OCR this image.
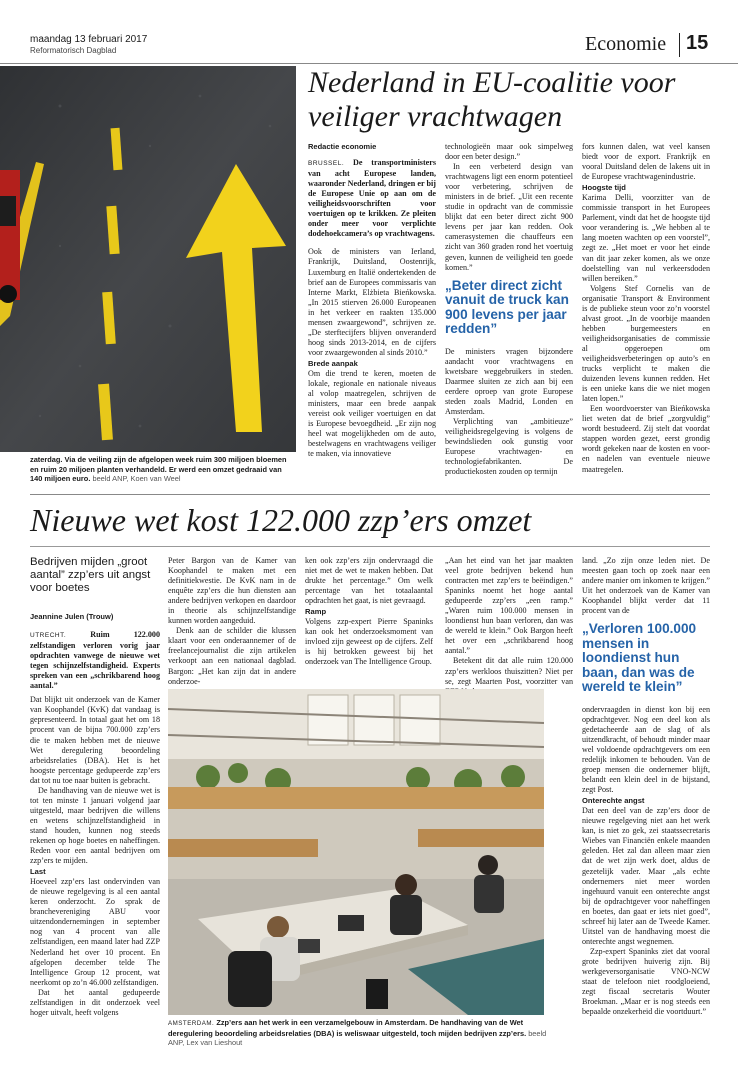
maandag 13 februari 2017
Reformatorisch Dagblad	Economie 15
zaterdag. Via de veiling zijn de afgelopen week ruim 300 miljoen bloemen en ruim 20 miljoen planten verhandeld. Er werd een omzet gedraaid van 140 miljoen euro. beeld ANP, Koen van Weel
Nederland in EU-coalitie voor veiliger vrachtwagen
Redactie economie

BRUSSEL. De transportministers van acht Europese landen, waaronder Nederland, dringen er bij de Europese Unie op aan om de veiligheidsvoorschriften voor voertuigen op te krikken. Ze pleiten onder meer voor verplichte dodehoekcamera’s op vrachtwagens.

Ook de ministers van Ierland, Frankrijk, Duitsland, Oostenrijk, Luxemburg en Italië ondertekenden de brief aan de Europees commissaris van Interne Markt, Elżbieta Bieńkowska. „In 2015 stierven 26.000 Europeanen in het verkeer en raakten 135.000 mensen zwaargewond”, schrijven ze. „De sterftecijfers blijven onveranderd hoog sinds 2013-2014, en de cijfers voor zwaargewonden al sinds 2010.”

Brede aanpak

Om die trend te keren, moeten de lokale, regionale en nationale niveaus al volop maatregelen, schrijven de ministers, maar een brede aanpak vereist ook veiliger voertuigen en dat is Europese bevoegdheid. „Er zijn nog heel wat mogelijkheden om de auto, bestelwagens en vrachtwagens veiliger te maken, via innovatieve

technologieën maar ook simpelweg door een beter design.”

In een verbeterd design van vrachtwagens ligt een enorm potentieel voor verbetering, schrijven de ministers in de brief. „Uit een recente studie in opdracht van de commissie blijkt dat een beter direct zicht 900 levens per jaar kan redden. Ook camerasystemen die chauffeurs een zicht van 360 graden rond het voertuig geven, kunnen de veiligheid ten goede komen.”

„Beter direct zicht vanuit de truck kan 900 levens per jaar redden”

De ministers vragen bijzondere aandacht voor vrachtwagens en kwetsbare weggebruikers in steden. Daarmee sluiten ze zich aan bij een eerdere oproep van grote Europese steden zoals Madrid, Londen en Amsterdam.

Verplichting van „ambitieuze” veiligheidsregelgeving is volgens de bewindslieden ook gunstig voor Europese vrachtwagen- en technologiefabrikanten. De productiekosten zouden op termijn

fors kunnen dalen, wat veel kansen biedt voor de export. Frankrijk en vooral Duitsland delen de lakens uit in de Europese vrachtwagenindustrie.

Hoogste tijd

Karima Delli, voorzitter van de commissie transport in het Europees Parlement, vindt dat het de hoogste tijd voor verandering is. „We hebben al te lang moeten wachten op een voorstel”, zegt ze. „Het moet er voor het einde van dit jaar zeker komen, als we onze doelstelling van nul verkeersdoden willen bereiken.”

Volgens Stef Cornelis van de organisatie Transport & Environment is de publieke steun voor zo’n voorstel alvast groot. „In de voorbije maanden hebben burgemeesters en veiligheidsorganisaties de commissie al opgeroepen om veiligheidsverbeteringen op auto’s en trucks verplicht te maken die duizenden levens kunnen redden. Het is een unieke kans die we niet mogen laten lopen.”

Een woordvoerster van Bieńkowska liet weten dat de brief „zorgvuldig” wordt bestudeerd. Zij stelt dat voordat stappen worden gezet, eerst grondig wordt gekeken naar de kosten en voor- en nadelen van eventuele nieuwe maatregelen.

Nieuwe wet kost 122.000 zzp’ers omzet
Bedrijven mijden „groot aantal” zzp’ers uit angst voor boetes
Jeannine Julen (Trouw)

UTRECHT.	Ruim 122.000 zelfstandigen verloren vorig jaar opdrachten vanwege de nieuwe wet tegen schijnzelfstandigheid. Experts spreken van een „schrikbarend hoog aantal.”

Dat blijkt uit onderzoek van de Kamer van Koophandel (KvK) dat vandaag is gepresenteerd. In totaal gaat het om 18 procent van de bijna 700.000 zzp’ers die te maken hebben met de nieuwe Wet deregulering beoordeling arbeidsrelaties (DBA). Het is het hoogste percentage gedupeerde zzp’ers dat tot nu toe naar buiten is gebracht.

De handhaving van de nieuwe wet is tot ten minste 1 januari volgend jaar uitgesteld, maar bedrijven die willens en wetens schijnzelfstandigheid in stand houden, kunnen nog steeds rekenen op hoge boetes en naheffingen. Reden voor een aantal bedrijven om zzp’ers te mijden.

Last

Hoeveel zzp’ers last ondervinden van de nieuwe regelgeving is al een aantal keren onderzocht. Zo sprak de branchevereniging ABU voor uitzendondernemingen in september nog van 4 procent van alle zelfstandigen, een maand later had ZZP Nederland het over 10 procent. En afgelopen december telde The Intelligence Group 12 procent, wat neerkomt op zo’n 46.000 zelfstandigen.

Dat het aantal gedupeerde zelfstandigen in dit onderzoek veel hoger uitvalt, heeft volgens

Peter Bargon van de Kamer van Koophandel te maken met een definitiekwestie. De KvK nam in de enquête zzp’ers die hun diensten aan andere bedrijven verkopen en daardoor in theorie als schijnzelfstandige kunnen worden aangeduid.

Denk aan de schilder die klussen klaart voor een onderaannemer of de freelancejournalist die zijn artikelen verkoopt aan een nationaal dagblad. Bargon: „Het kan zijn dat in andere onderzoe-

ken ook zzp’ers zijn ondervraagd die niet met de wet te maken hebben. Dat drukte het percentage.” Om welk percentage van het totaalaantal opdrachten het gaat, is niet gevraagd.

Ramp

Volgens zzp-expert Pierre Spaninks kan ook het onderzoeksmoment van invloed zijn geweest op de cijfers. Zelf is hij betrokken geweest bij het onderzoek van The Intelligence Group.

„Aan het eind van het jaar maakten veel grote bedrijven bekend hun contracten met zzp’ers te beëindigen.” Spaninks noemt het hoge aantal gedupeerde zzp’ers „een ramp.” „Waren ruim 100.000 mensen in loondienst hun baan verloren, dan was de wereld te klein.” Ook Bargon heeft het over een „schrikbarend hoog aantal.”

Betekent dit dat alle ruim 120.000 zzp’ers werkloos thuiszitten? Niet per se, zegt Maarten Post, voorzitter van

land. „Zo zijn onze leden niet. De meesten gaan toch op zoek naar een andere manier om inkomen te krijgen.” Uit het onderzoek van de Kamer van Koophandel blijkt verder dat 11 procent van de

„Verloren 100.000 mensen in loondienst hun baan, dan was de wereld te klein”

ondervraagden in dienst kon bij een opdrachtgever. Nog een deel kon als gedetacheerde aan de slag of als uitzendkracht, of behoudt minder maar wel voldoende opdrachtgevers om een redelijk inkomen te behouden. Van de groep mensen die ondernemer blijft, belandt een klein deel in de bijstand, zegt Post.

Onterechte angst

Dat een deel van de zzp’ers door de nieuwe regelgeving niet aan het werk kan, is niet zo gek, zei staatssecretaris Wiebes van Financiën enkele maanden geleden. Het zal dan alleen maar zien dat de wet zijn werk doet, aldus de gezetelijk vader. Maar „als echte ondernemers niet meer worden ingehuurd vanuit een onterechte angst bij de opdrachtgever voor naheffingen en boetes, dan gaat er iets niet goed”, schreef hij later aan de Tweede Kamer. Uitstel van de handhaving moest die onterechte angst wegnemen.

Zzp-expert Spaninks ziet dat vooral grote bedrijven huiverig zijn. Bij werkgeversorganisatie VNO-NCW staat de telefoon niet roodgloeiend, zegt fiscaal secretaris Wouter Broekman. „Maar er is nog steeds een bepaalde onzekerheid die voortduurt.”

AMSTERDAM. Zzp’ers aan het werk in een verzamelgebouw in Amsterdam. De handhaving van de Wet deregulering beoordeling arbeidsrelaties (DBA) is weliswaar uitgesteld, toch mijden bedrijven zzp’ers. beeld ANP, Lex van Lieshout
